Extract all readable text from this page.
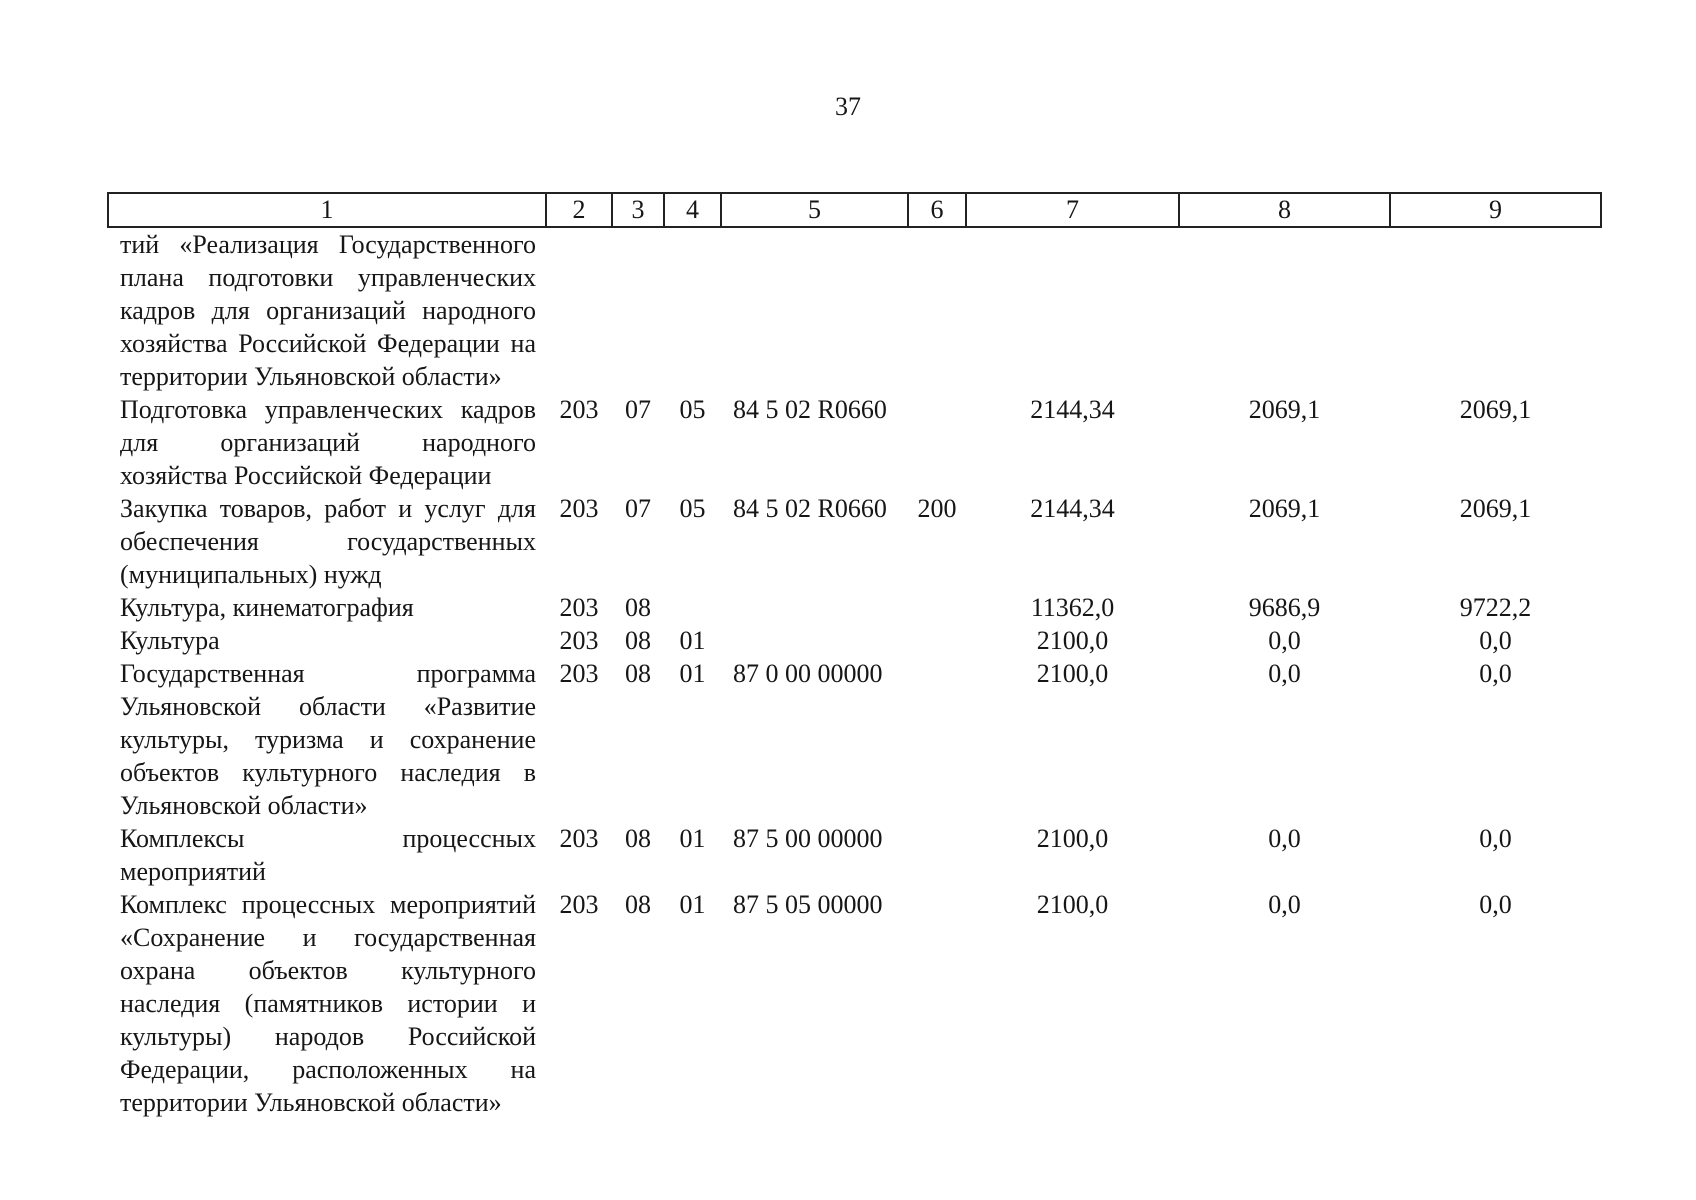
37
1	2	3	4	5	6	7	8	9
тий «Реализация Государственного плана подготовки управленческих кадров для организаций народного хозяйства Российской Федерации на территории Ульяновской области»								
Подготовка управленческих кадров для организаций народного хозяйства Российской Федерации	203	07	05	84 5 02 R0660		2144,34	2069,1	2069,1
Закупка товаров, работ и услуг для обеспечения государственных (муниципальных) нужд	203	07	05	84 5 02 R0660	200	2144,34	2069,1	2069,1
Культура, кинематография	203	08				11362,0	9686,9	9722,2
Культура	203	08	01			2100,0	0,0	0,0
Государственная программа Ульяновской области «Развитие культуры, туризма и сохранение объектов культурного наследия в Ульяновской области»	203	08	01	87 0 00 00000		2100,0	0,0	0,0
Комплексы процессных мероприятий	203	08	01	87 5 00 00000		2100,0	0,0	0,0
Комплекс процессных мероприятий «Сохранение и государственная охрана объектов культурного наследия (памятников истории и культуры) народов Российской Федерации, расположенных на территории Ульяновской области»	203	08	01	87 5 05 00000		2100,0	0,0	0,0
